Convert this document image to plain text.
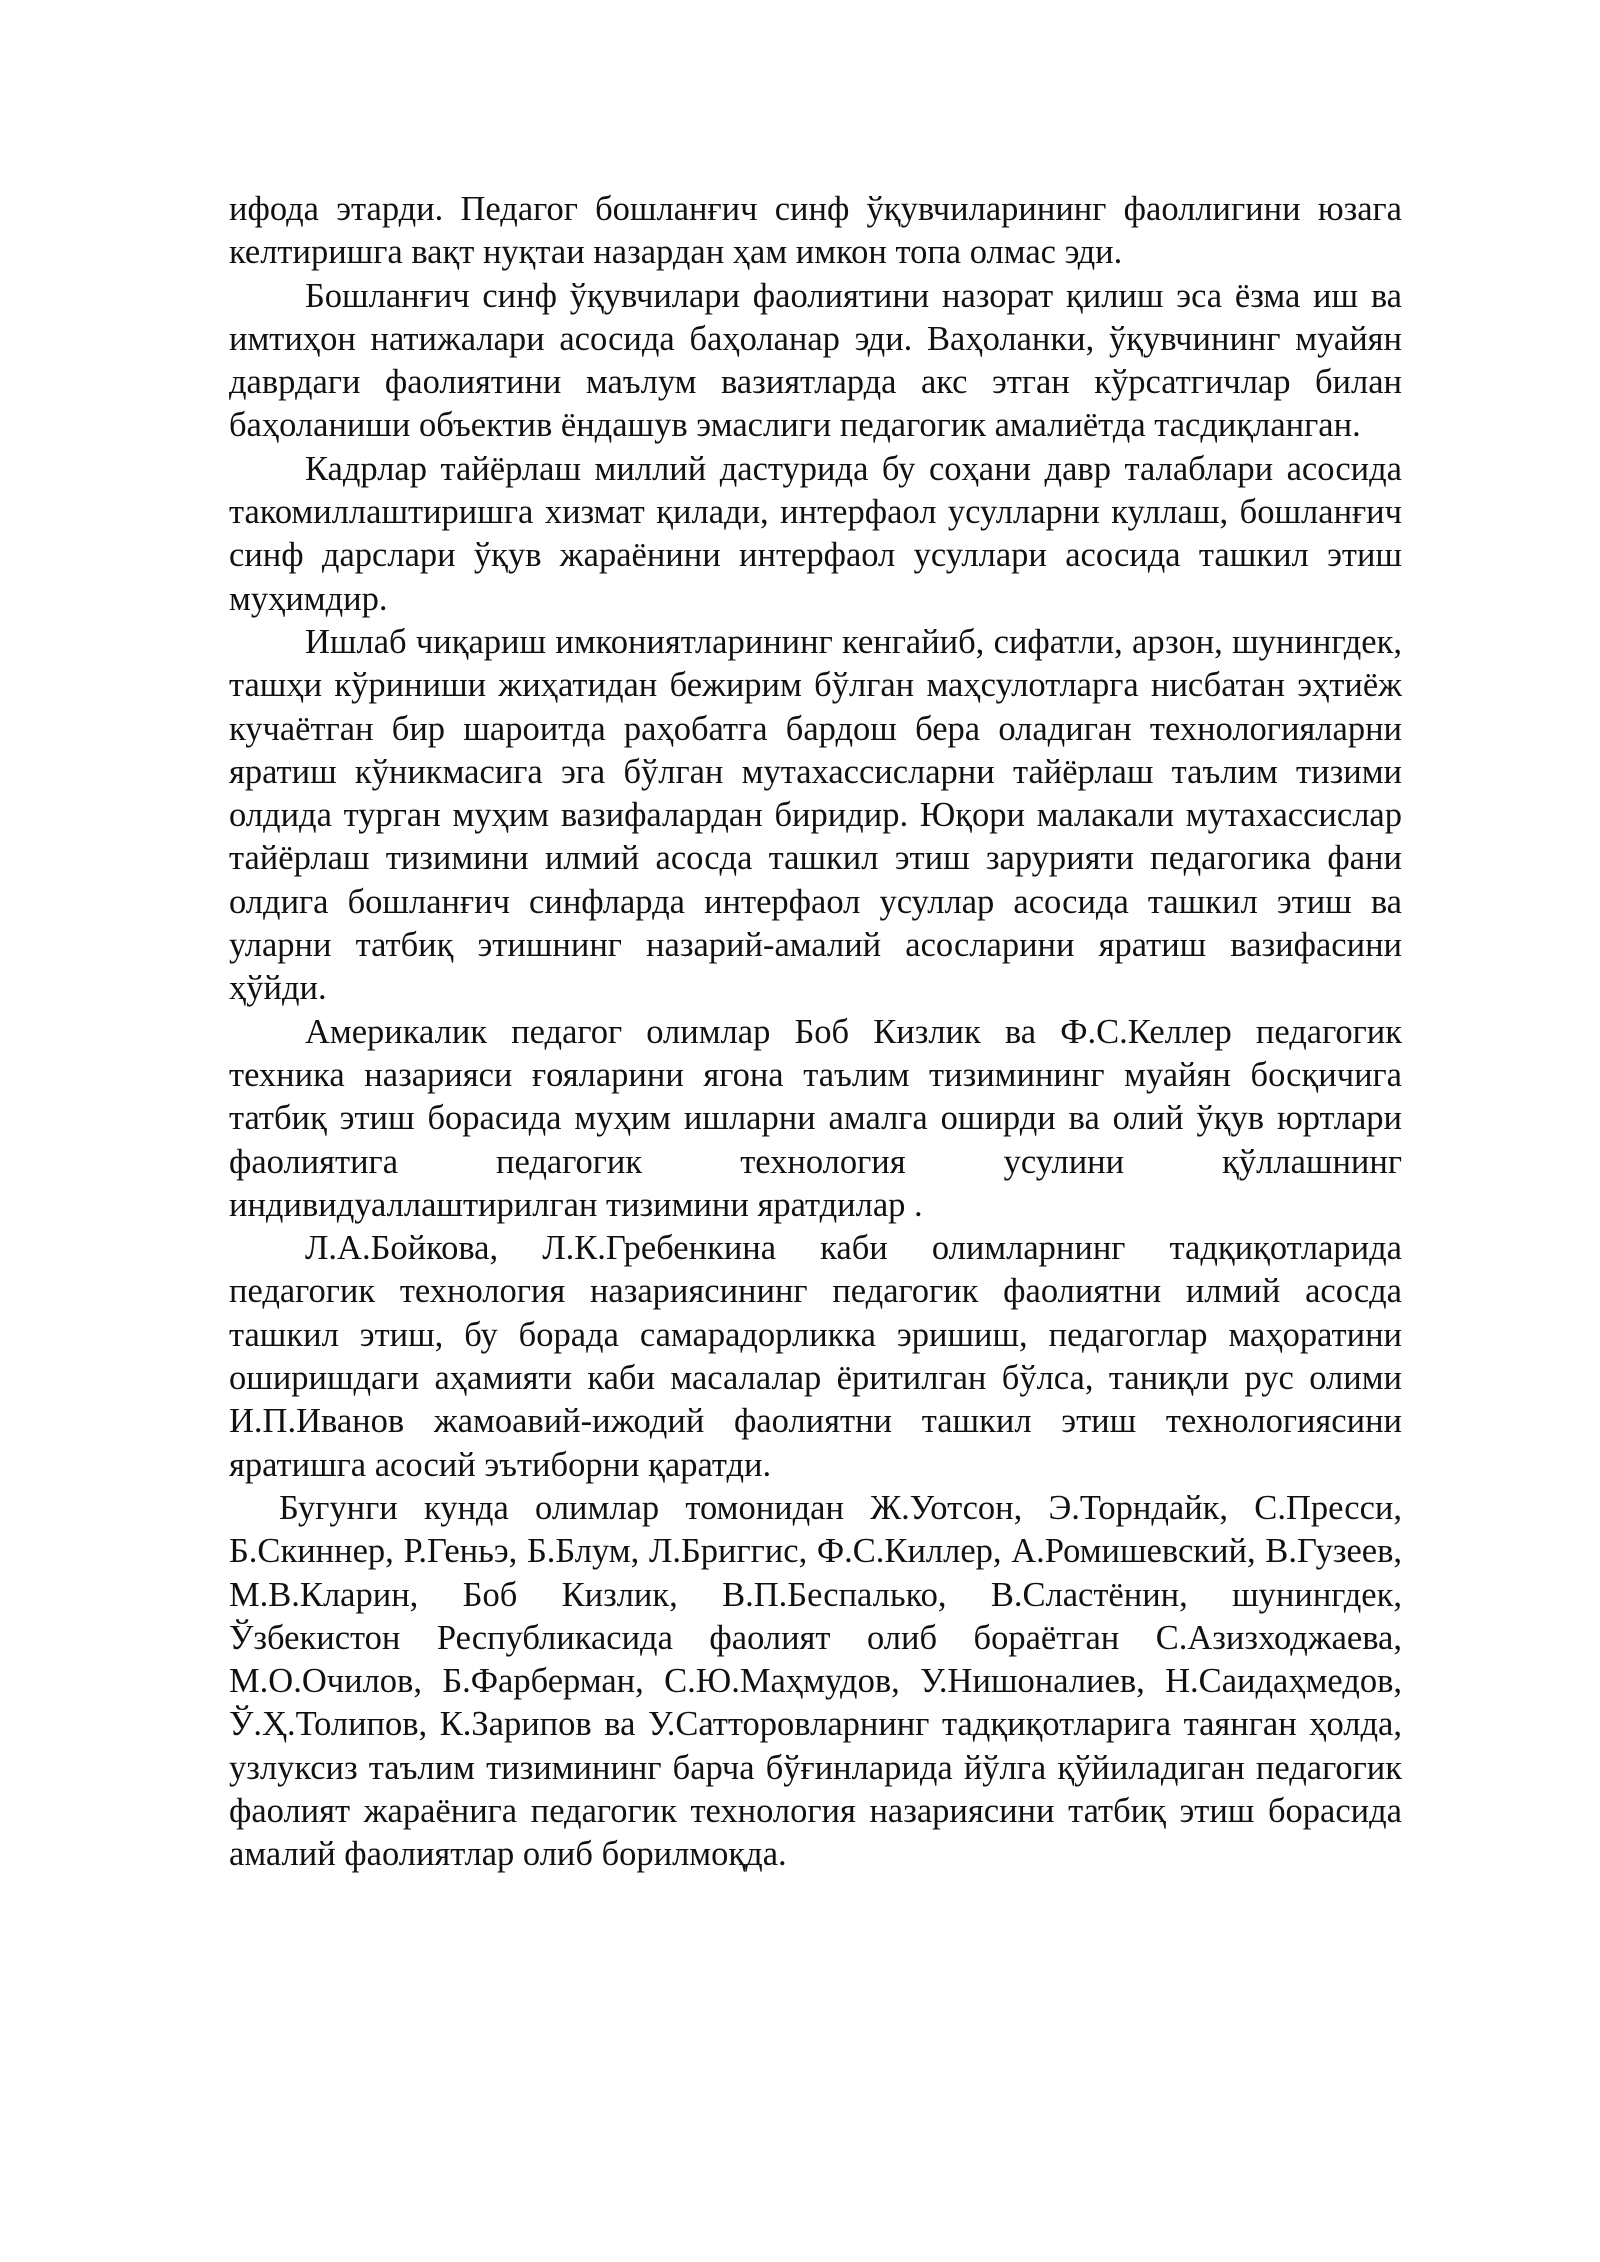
ифода этарди. Педагог бошланғич синф ўқувчиларининг фаоллигини юзага келтиришга вақт нуқтаи назардан ҳам имкон топа олмас эди.

Бошланғич синф ўқувчилари фаолиятини назорат қилиш эса ёзма иш ва имтиҳон натижалари асосида баҳоланар эди. Ваҳоланки, ўқувчининг муайян даврдаги фаолиятини маълум вазиятларда акс этган кўрсатгичлар билан баҳоланиши объектив ёндашув эмаслиги педагогик амалиётда тасдиқланган.

Кадрлар тайёрлаш миллий дастурида бу соҳани давр талаблари асосида такомиллаштиришга хизмат қилади, интерфаол усулларни куллаш, бошланғич синф дарслари ўқув жараёнини интерфаол усуллари асосида ташкил этиш муҳимдир.

Ишлаб чиқариш имкониятларининг кенгайиб, сифатли, арзон, шунингдек, ташҳи кўриниши жиҳатидан бежирим бўлган маҳсулотларга нисбатан эҳтиёж кучаётган бир шароитда раҳобатга бардош бера оладиган технологияларни яратиш кўникмасига эга бўлган мутахассисларни тайёрлаш таълим тизими олдида турган муҳим вазифалардан биридир. Юқори малакали мутахассислар тайёрлаш тизимини илмий асосда ташкил этиш зарурияти педагогика фани олдига бошланғич синфларда интерфаол усуллар асосида ташкил этиш ва уларни татбиқ этишнинг назарий-амалий асосларини яратиш вазифасини ҳўйди.

Америкалик педагог олимлар Боб Кизлик ва Ф.С.Келлер педагогик техника назарияси ғояларини ягона таълим тизимининг муайян босқичига татбиқ этиш борасида муҳим ишларни амалга оширди ва олий ўқув юртлари фаолиятига педагогик технология усулини қўллашнинг индивидуаллаштирилган тизимини яратдилар .

Л.А.Бойкова, Л.К.Гребенкина каби олимларнинг тадқиқотларида педагогик технология назариясининг педагогик фаолиятни илмий асосда ташкил этиш, бу борада самарадорликка эришиш, педагоглар маҳоратини оширишдаги аҳамияти каби масалалар ёритилган бўлса, таниқли рус олими И.П.Иванов жамоавий-ижодий фаолиятни ташкил этиш технологиясини яратишга асосий эътиборни қаратди.

Бугунги кунда олимлар томонидан Ж.Уотсон, Э.Торндайк, С.Пресси, Б.Скиннер, Р.Геньэ, Б.Блум, Л.Бриггис, Ф.С.Киллер, А.Ромишевский, В.Гузеев, М.В.Кларин, Боб Кизлик, В.П.Беспалько, В.Сластёнин, шунингдек, Ўзбекистон Республикасида фаолият олиб бораётган С.Азизходжаева, М.О.Очилов, Б.Фарберман, С.Ю.Маҳмудов, У.Нишоналиев, Н.Саидаҳмедов, Ў.Ҳ.Толипов, К.Зарипов ва У.Сатторовларнинг тадқиқотларига таянган ҳолда, узлуксиз таълим тизимининг барча бўғинларида йўлга қўйиладиган педагогик фаолият жараёнига педагогик технология назариясини татбиқ этиш борасида амалий фаолиятлар олиб борилмоқда.
